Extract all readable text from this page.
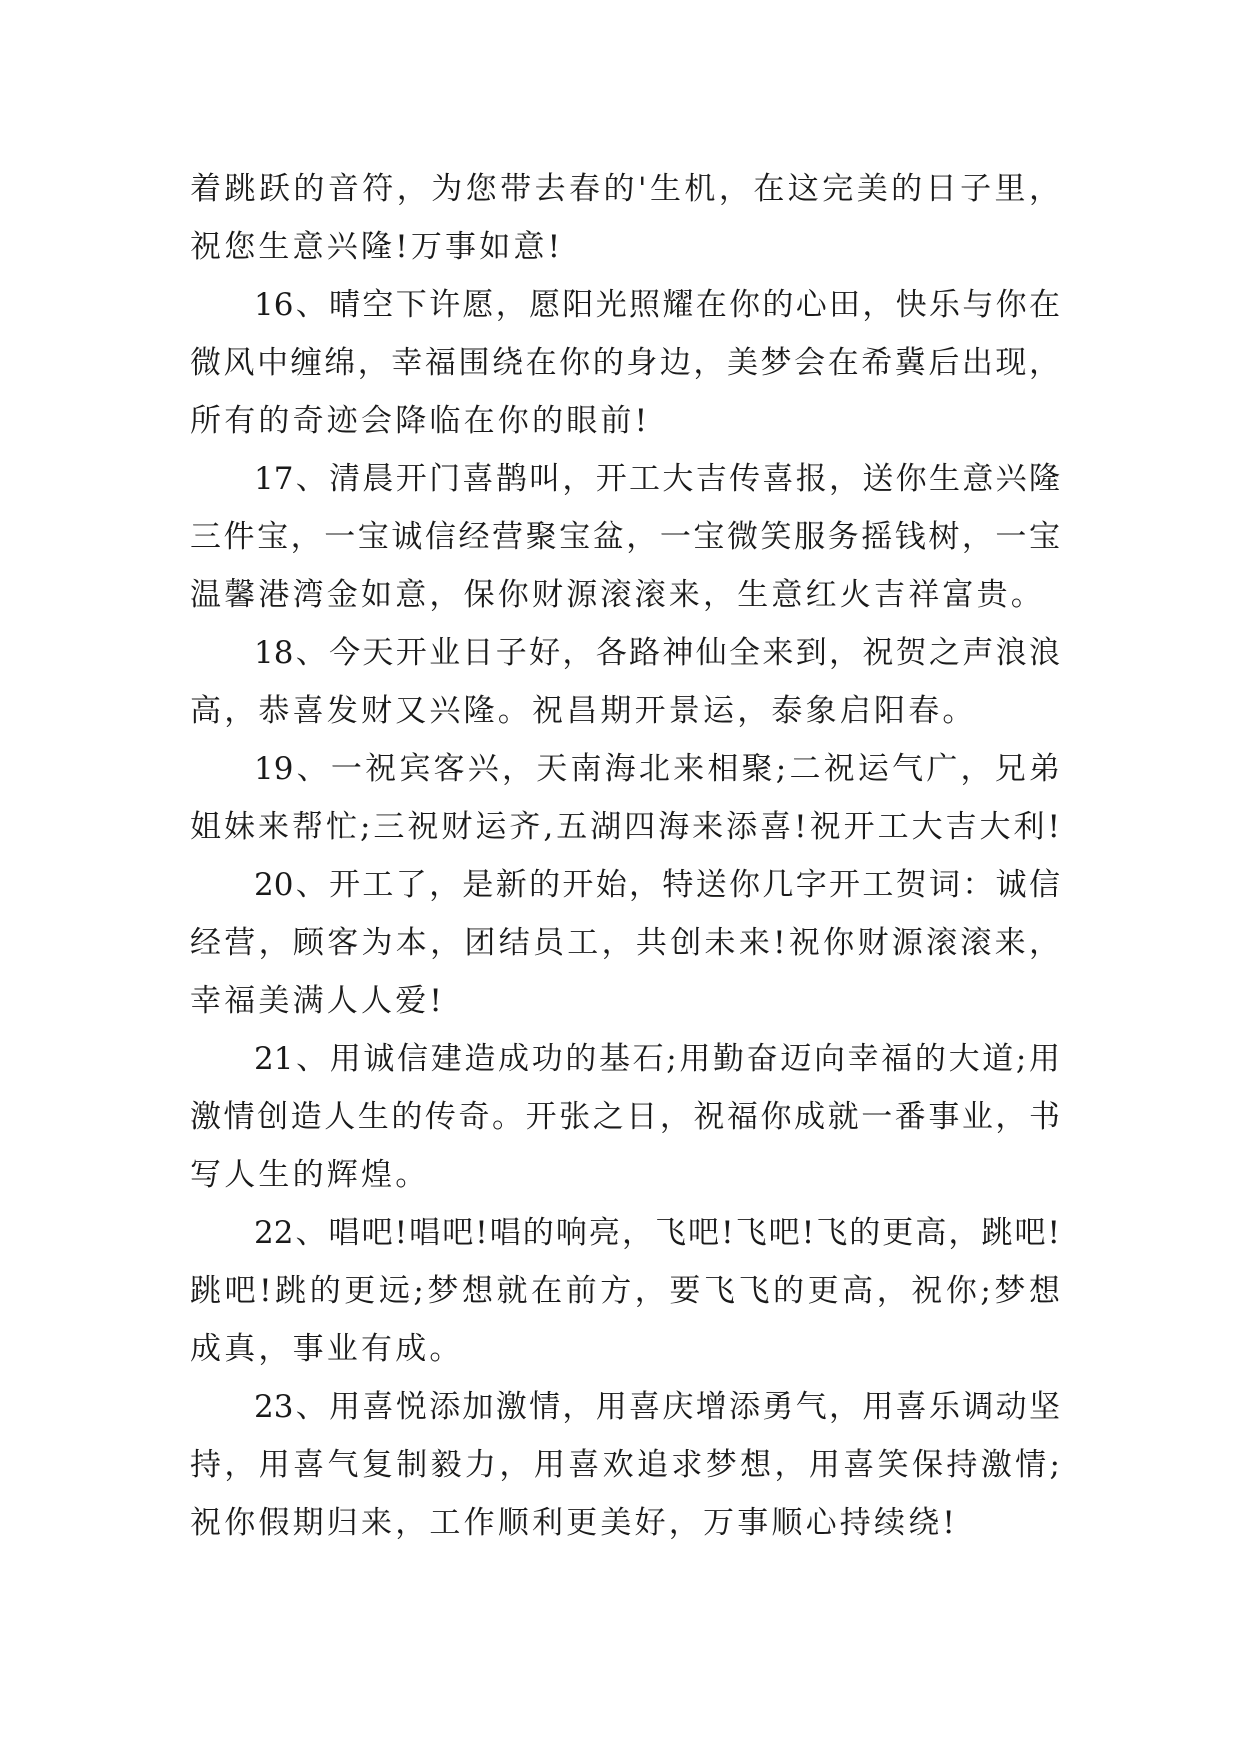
着跳跃的音符，为您带去春的'生机，在这完美的日子里，
祝您生意兴隆!万事如意!
16、晴空下许愿，愿阳光照耀在你的心田，快乐与你在
微风中缠绵，幸福围绕在你的身边，美梦会在希冀后出现，
所有的奇迹会降临在你的眼前!
17、清晨开门喜鹊叫，开工大吉传喜报，送你生意兴隆
三件宝，一宝诚信经营聚宝盆，一宝微笑服务摇钱树，一宝
温馨港湾金如意，保你财源滚滚来，生意红火吉祥富贵。
18、今天开业日子好，各路神仙全来到，祝贺之声浪浪
高，恭喜发财又兴隆。祝昌期开景运，泰象启阳春。
19、一祝宾客兴，天南海北来相聚;二祝运气广，兄弟
姐妹来帮忙;三祝财运齐,五湖四海来添喜!祝开工大吉大利!
20、开工了，是新的开始，特送你几字开工贺词：诚信
经营，顾客为本，团结员工，共创未来!祝你财源滚滚来，
幸福美满人人爱!
21、用诚信建造成功的基石;用勤奋迈向幸福的大道;用
激情创造人生的传奇。开张之日，祝福你成就一番事业，书
写人生的辉煌。
22、唱吧!唱吧!唱的响亮，飞吧!飞吧!飞的更高，跳吧!
跳吧!跳的更远;梦想就在前方，要飞飞的更高，祝你;梦想
成真，事业有成。
23、用喜悦添加激情，用喜庆增添勇气，用喜乐调动坚
持，用喜气复制毅力，用喜欢追求梦想，用喜笑保持激情;
祝你假期归来，工作顺利更美好，万事顺心持续绕!
